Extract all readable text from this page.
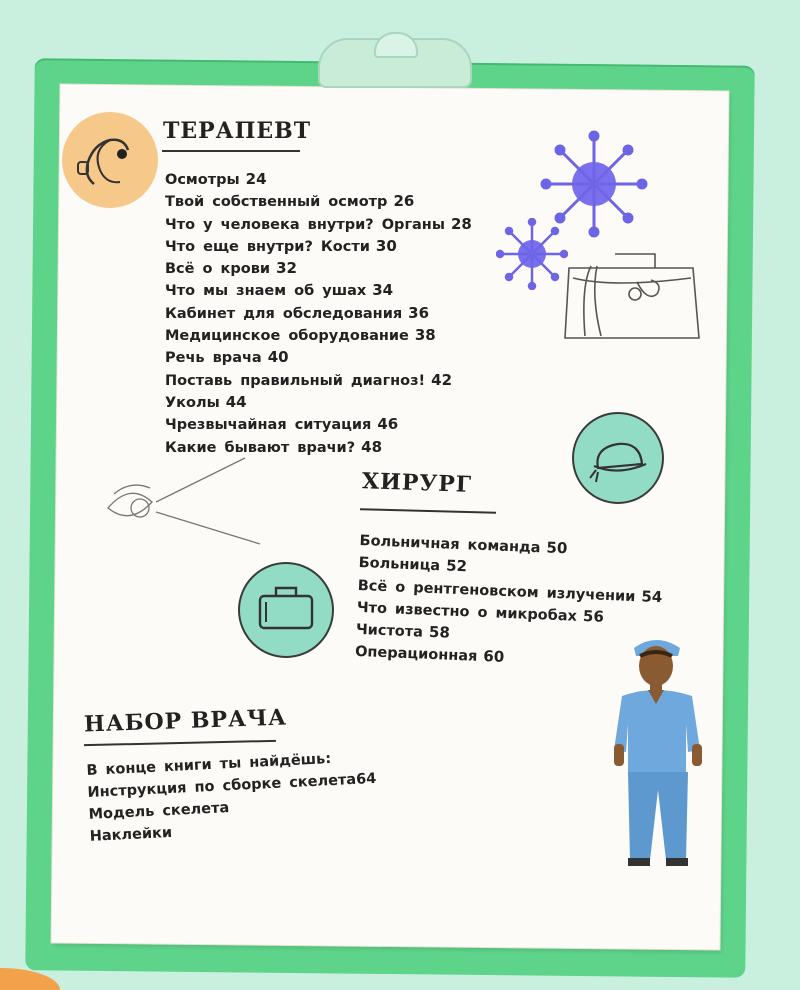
ТЕРАПЕВТ
Осмотры 24
Твой собственный осмотр 26
Что у человека внутри? Органы 28
Что еще внутри? Кости 30
Всё о крови 32
Что мы знаем об ушах 34
Кабинет для обследования 36
Медицинское оборудование 38
Речь врача 40
Поставь правильный диагноз! 42
Уколы 44
Чрезвычайная ситуация 46
Какие бывают врачи? 48
ХИРУРГ
Больничная команда 50
Больница 52
Всё о рентгеновском излучении 54
Что известно о микробах 56
Чистота 58
Операционная 60
НАБОР ВРАЧА

В конце книги ты найдёшь:

Инструкция по сборке скелета64
Модель скелета
Наклейки
